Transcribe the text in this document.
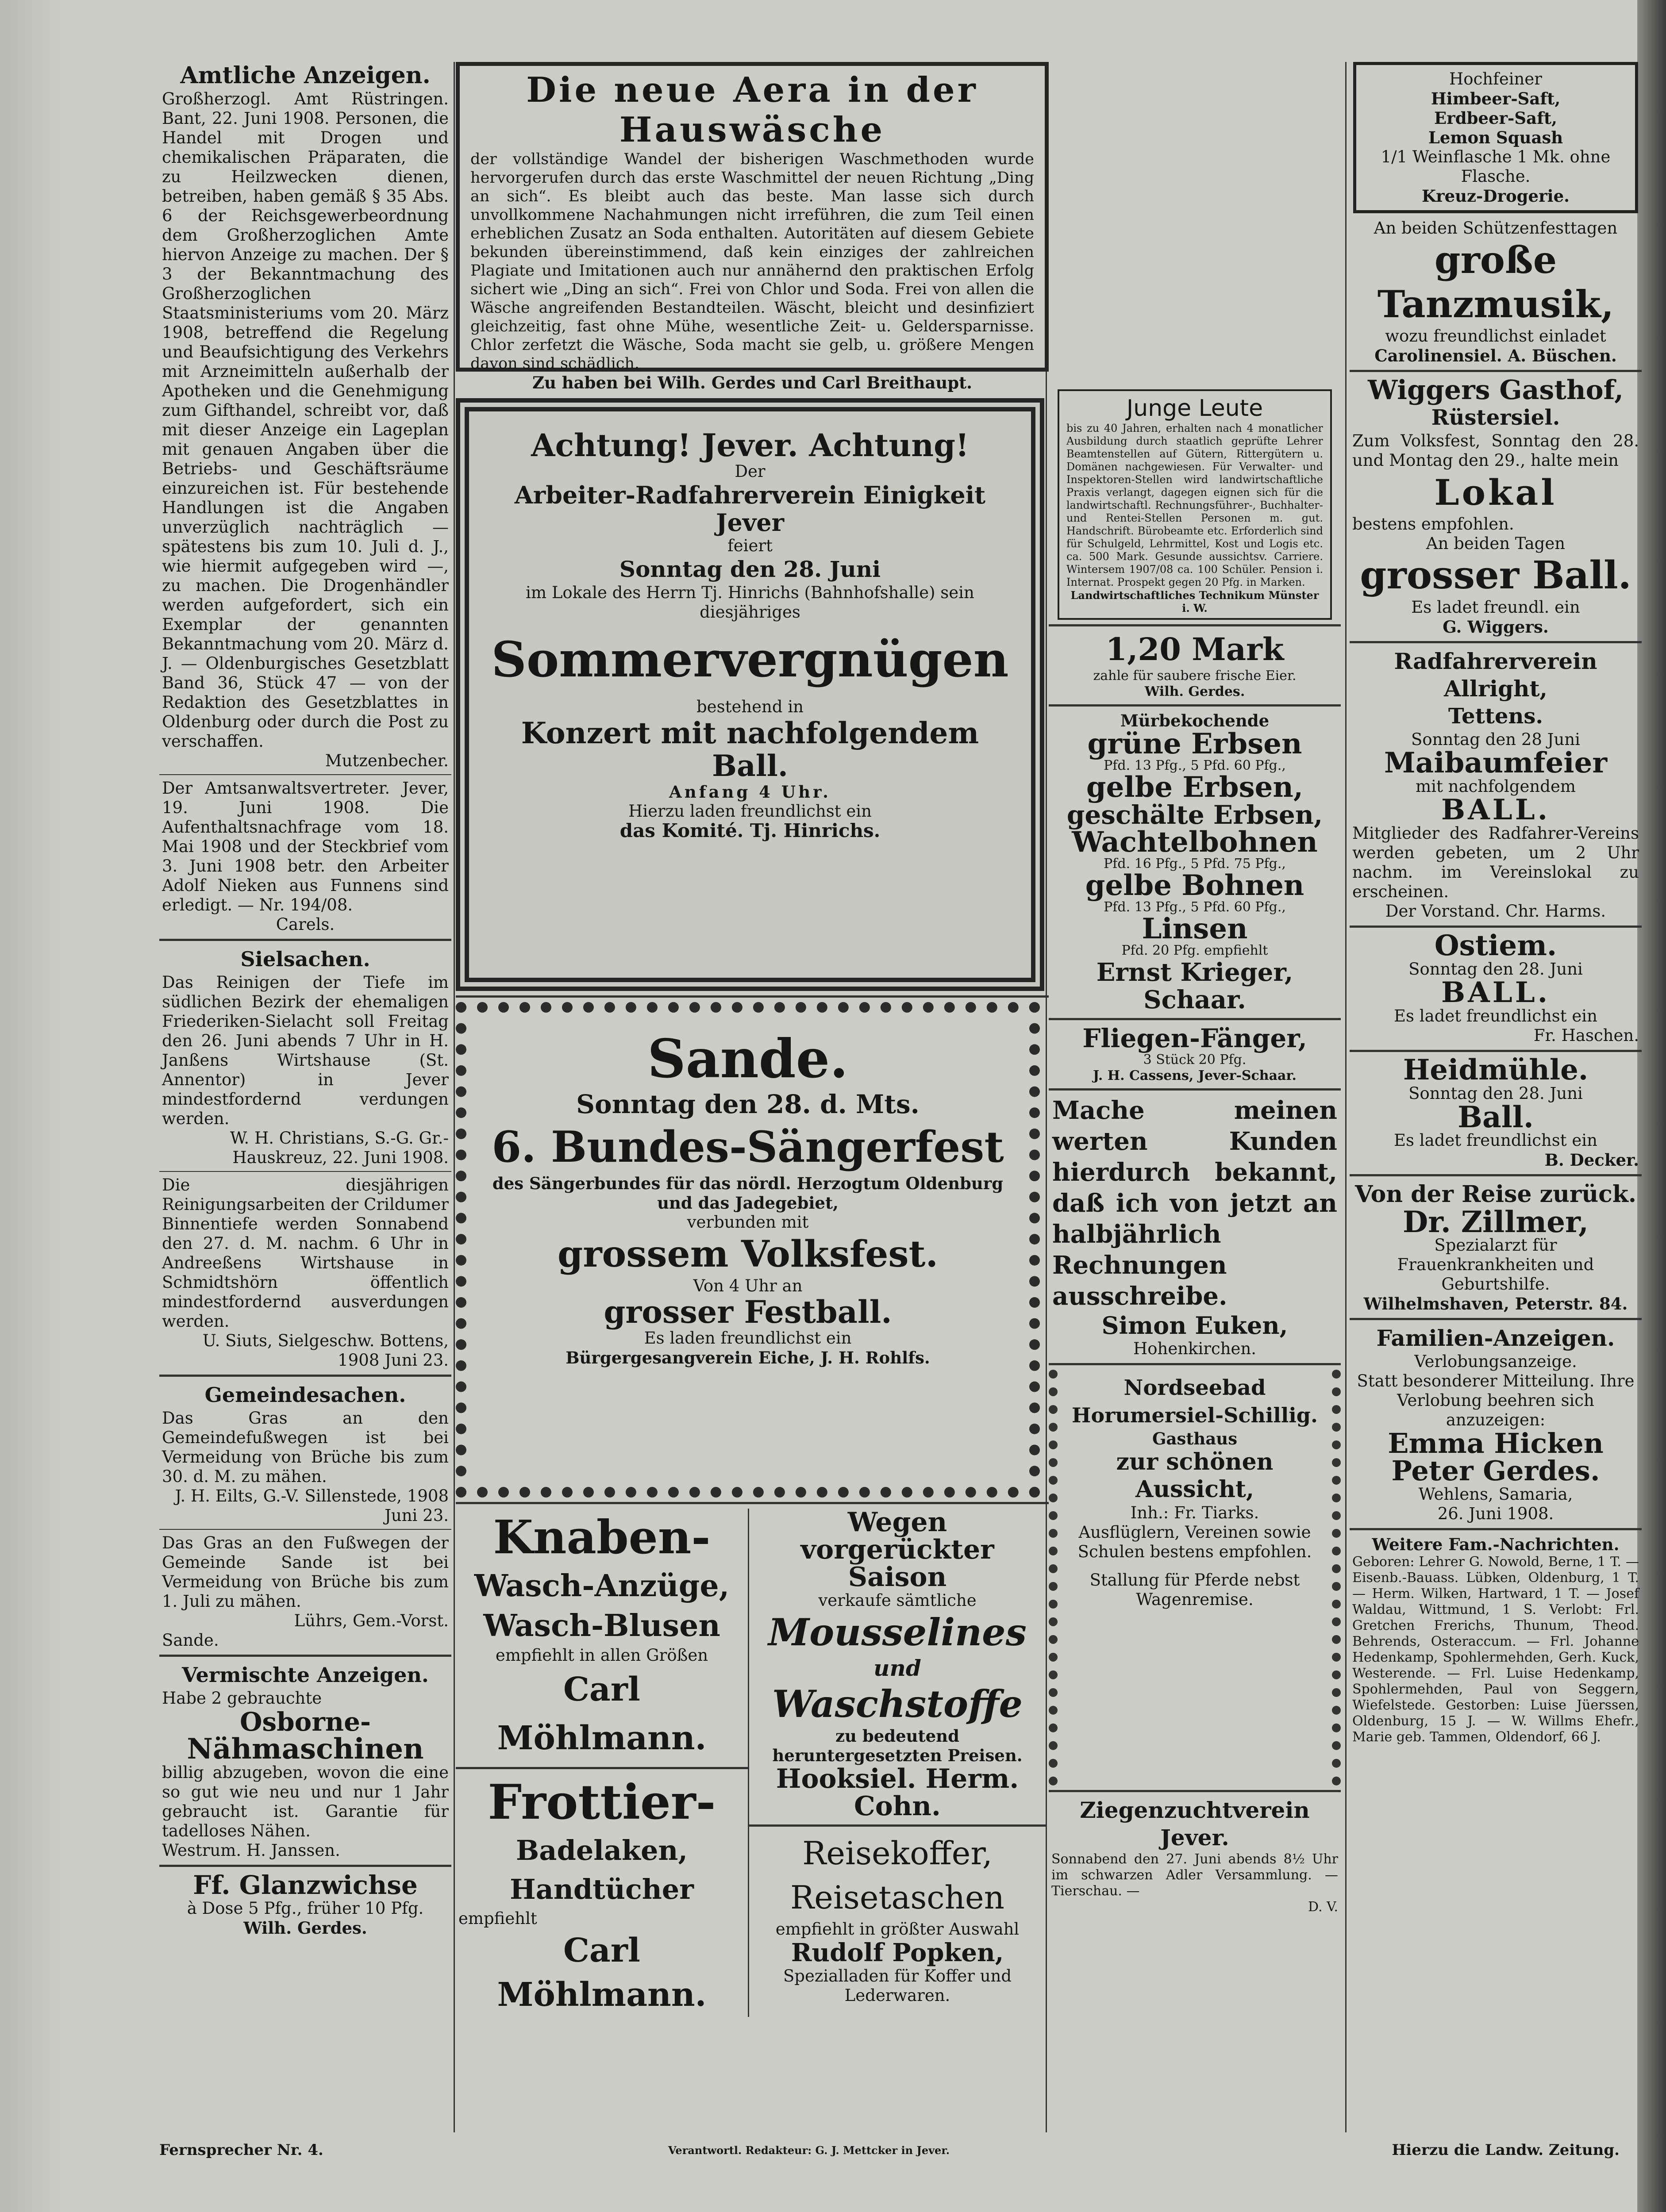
Amtliche Anzeigen.
Großherzogl. Amt Rüstringen. Bant, 22. Juni 1908. Personen, die Handel mit Drogen und chemikalischen Präparaten, die zu Heilzwecken dienen, betreiben, haben gemäß § 35 Abs. 6 der Reichsgewerbeordnung dem Großherzoglichen Amte hiervon Anzeige zu machen. Der § 3 der Bekanntmachung des Großherzoglichen Staatsministeriums vom 20. März 1908, betreffend die Regelung und Beaufsichtigung des Verkehrs mit Arzneimitteln außerhalb der Apotheken und die Genehmigung zum Gifthandel, schreibt vor, daß mit dieser Anzeige ein Lageplan mit genauen Angaben über die Betriebs- und Geschäftsräume einzureichen ist. Für bestehende Handlungen ist die Angaben unverzüglich nachträglich — spätestens bis zum 10. Juli d. J., wie hiermit aufgegeben wird —, zu machen. Die Drogenhändler werden aufgefordert, sich ein Exemplar der genannten Bekanntmachung vom 20. März d. J. — Oldenburgisches Gesetzblatt Band 36, Stück 47 — von der Redaktion des Gesetzblattes in Oldenburg oder durch die Post zu verschaffen.
Mutzenbecher.
Der Amtsanwaltsvertreter. Jever, 19. Juni 1908. Die Aufenthaltsnachfrage vom 18. Mai 1908 und der Steckbrief vom 3. Juni 1908 betr. den Arbeiter Adolf Nieken aus Funnens sind erledigt. — Nr. 194/08.
Carels.
Sielsachen.
Das Reinigen der Tiefe im südlichen Bezirk der ehemaligen Friederiken-Sielacht soll Freitag den 26. Juni abends 7 Uhr in H. Janßens Wirtshause (St. Annentor) in Jever mindestfordernd verdungen werden.
W. H. Christians, S.-G. Gr.-Hauskreuz, 22. Juni 1908.
Die diesjährigen Reinigungsarbeiten der Crildumer Binnentiefe werden Sonnabend den 27. d. M. nachm. 6 Uhr in Andreeßens Wirtshause in Schmidtshörn öffentlich mindestfordernd ausverdungen werden.
U. Siuts, Sielgeschw. Bottens, 1908 Juni 23.
Gemeindesachen.
Das Gras an den Gemeindefußwegen ist bei Vermeidung von Brüche bis zum 30. d. M. zu mähen.
J. H. Eilts, G.-V. Sillenstede, 1908 Juni 23.
Das Gras an den Fußwegen der Gemeinde Sande ist bei Vermeidung von Brüche bis zum 1. Juli zu mähen.
Lührs, Gem.-Vorst.
Sande.
Vermischte Anzeigen.
Habe 2 gebrauchte
Osborne-
Nähmaschinen
billig abzugeben, wovon die eine so gut wie neu und nur 1 Jahr gebraucht ist. Garantie für tadelloses Nähen.
Westrum. H. Janssen.
Ff. Glanzwichse
à Dose 5 Pfg., früher 10 Pfg.
Wilh. Gerdes.
Die neue Aera in der Hauswäsche
der vollständige Wandel der bisherigen Waschmethoden wurde hervorgerufen durch das erste Waschmittel der neuen Richtung „Ding an sich“. Es bleibt auch das beste. Man lasse sich durch unvollkommene Nachahmungen nicht irreführen, die zum Teil einen erheblichen Zusatz an Soda enthalten. Autoritäten auf diesem Gebiete bekunden übereinstimmend, daß kein einziges der zahlreichen Plagiate und Imitationen auch nur annähernd den praktischen Erfolg sichert wie „Ding an sich“. Frei von Chlor und Soda. Frei von allen die Wäsche angreifenden Bestandteilen. Wäscht, bleicht und desinfiziert gleichzeitig, fast ohne Mühe, wesentliche Zeit- u. Geldersparnisse. Chlor zerfetzt die Wäsche, Soda macht sie gelb, u. größere Mengen davon sind schädlich.
Zu haben bei Wilh. Gerdes und Carl Breithaupt.
Achtung! Jever. Achtung!
Der
Arbeiter-Radfahrerverein Einigkeit Jever
feiert
Sonntag den 28. Juni
im Lokale des Herrn Tj. Hinrichs (Bahnhofshalle) sein diesjähriges
Sommervergnügen
bestehend in
Konzert mit nachfolgendem Ball.
Anfang 4 Uhr.
Hierzu laden freundlichst ein
das Komité. Tj. Hinrichs.
Sande.
Sonntag den 28. d. Mts.
6. Bundes-Sängerfest
des Sängerbundes für das nördl. Herzogtum Oldenburg und das Jadegebiet,
verbunden mit
grossem Volksfest.
Von 4 Uhr an
grosser Festball.
Es laden freundlichst ein
Bürgergesangverein Eiche, J. H. Rohlfs.
Knaben-
Wasch-Anzüge,
Wasch-Blusen
empfiehlt in allen Größen
Carl Möhlmann.
Frottier-
Badelaken,
Handtücher
empfiehlt
Carl Möhlmann.
Wegen vorgerückter
Saison
verkaufe sämtliche
Mousselines
und
Waschstoffe
zu bedeutend heruntergesetzten Preisen.
Hooksiel. Herm. Cohn.
Reisekoffer,
Reisetaschen
empfiehlt in größter Auswahl
Rudolf Popken,
Spezialladen für Koffer und Lederwaren.
Junge Leute
bis zu 40 Jahren, erhalten nach 4 monatlicher Ausbildung durch staatlich geprüfte Lehrer Beamtenstellen auf Gütern, Rittergütern u. Domänen nachgewiesen. Für Verwalter- und Inspektoren-Stellen wird landwirtschaftliche Praxis verlangt, dagegen eignen sich für die landwirtschaftl. Rechnungsführer-, Buchhalter- und Rentei-Stellen Personen m. gut. Handschrift. Bürobeamte etc. Erforderlich sind für Schulgeld, Lehrmittel, Kost und Logis etc. ca. 500 Mark. Gesunde aussichtsv. Carriere. Wintersem 1907/08 ca. 100 Schüler. Pension i. Internat. Prospekt gegen 20 Pfg. in Marken.
Landwirtschaftliches Technikum Münster i. W.
1,20 Mark
zahle für saubere frische Eier.
Wilh. Gerdes.
Mürbekochende
grüne Erbsen
Pfd. 13 Pfg., 5 Pfd. 60 Pfg.,
gelbe Erbsen,
geschälte Erbsen,
Wachtelbohnen
Pfd. 16 Pfg., 5 Pfd. 75 Pfg.,
gelbe Bohnen
Pfd. 13 Pfg., 5 Pfd. 60 Pfg.,
Linsen
Pfd. 20 Pfg. empfiehlt
Ernst Krieger, Schaar.
Fliegen-Fänger,
3 Stück 20 Pfg.
J. H. Cassens, Jever-Schaar.
Mache meinen werten Kunden hierdurch bekannt, daß ich von jetzt an halbjährlich Rechnungen ausschreibe.
Simon Euken,
Hohenkirchen.
Nordseebad
Horumersiel-Schillig.
Gasthaus
zur schönen Aussicht,
Inh.: Fr. Tiarks.
Ausflüglern, Vereinen sowie Schulen bestens empfohlen.
Stallung für Pferde nebst Wagenremise.
Ziegenzuchtverein Jever.
Sonnabend den 27. Juni abends 8½ Uhr im schwarzen Adler Versammlung. — Tierschau. —
D. V.
Hochfeiner
Himbeer-Saft,
Erdbeer-Saft,
Lemon Squash
1/1 Weinflasche 1 Mk. ohne Flasche.
Kreuz-Drogerie.
An beiden Schützenfesttagen
große Tanzmusik,
wozu freundlichst einladet
Carolinensiel. A. Büschen.
Wiggers Gasthof,
Rüstersiel.
Zum Volksfest, Sonntag den 28. und Montag den 29., halte mein
Lokal
bestens empfohlen.
An beiden Tagen
grosser Ball.
Es ladet freundl. ein
G. Wiggers.
Radfahrerverein Allright,
Tettens.
Sonntag den 28 Juni
Maibaumfeier
mit nachfolgendem
BALL.
Mitglieder des Radfahrer-Vereins werden gebeten, um 2 Uhr nachm. im Vereinslokal zu erscheinen.
Der Vorstand. Chr. Harms.
Ostiem.
Sonntag den 28. Juni
BALL.
Es ladet freundlichst ein
Fr. Haschen.
Heidmühle.
Sonntag den 28. Juni
Ball.
Es ladet freundlichst ein
B. Decker.
Von der Reise zurück.
Dr. Zillmer,
Spezialarzt für Frauenkrankheiten und Geburtshilfe.
Wilhelmshaven, Peterstr. 84.
Familien-Anzeigen.
Verlobungsanzeige.
Statt besonderer Mitteilung. Ihre Verlobung beehren sich anzuzeigen:
Emma Hicken
Peter Gerdes.
Wehlens, Samaria,
26. Juni 1908.
Weitere Fam.-Nachrichten.
Geboren: Lehrer G. Nowold, Berne, 1 T. — Eisenb.-Bauass. Lübken, Oldenburg, 1 T. — Herm. Wilken, Hartward, 1 T. — Josef Waldau, Wittmund, 1 S. Verlobt: Frl. Gretchen Frerichs, Thunum, Theod. Behrends, Osteraccum. — Frl. Johanne Hedenkamp, Spohlermehden, Gerh. Kuck, Westerende. — Frl. Luise Hedenkamp, Spohlermehden, Paul von Seggern, Wiefelstede. Gestorben: Luise Jüerssen, Oldenburg, 15 J. — W. Willms Ehefr., Marie geb. Tammen, Oldendorf, 66 J.
Fernsprecher Nr. 4.	Verantwortl. Redakteur: G. J. Mettcker in Jever.	Hierzu die Landw. Zeitung.
